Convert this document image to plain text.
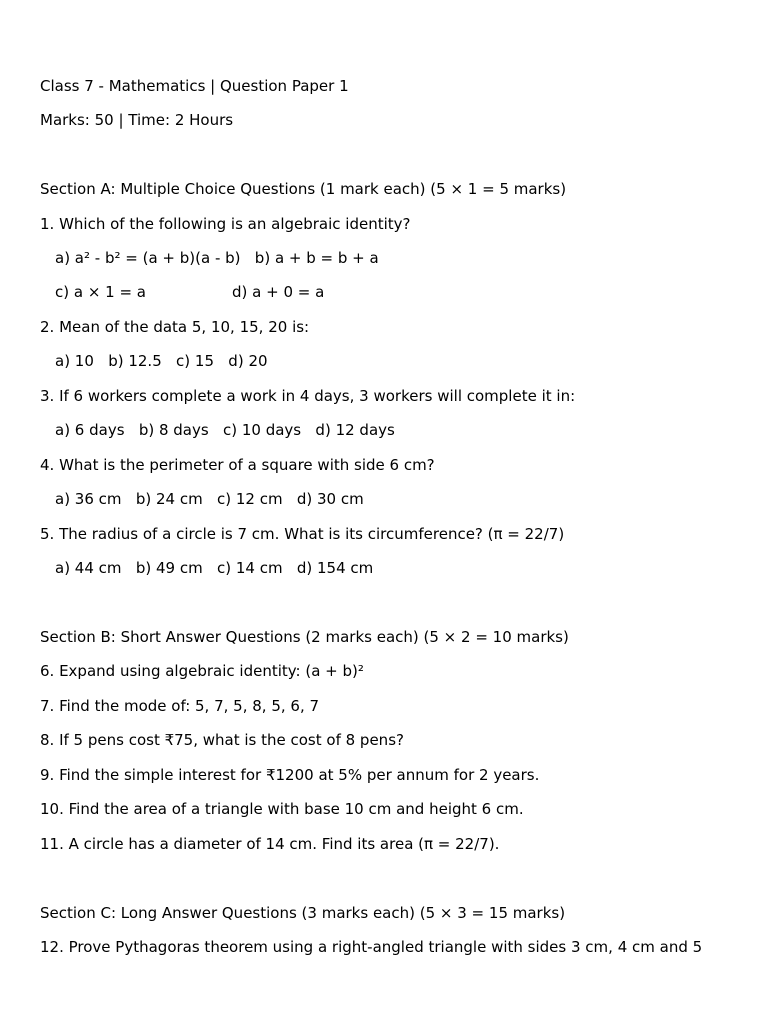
Class 7 - Mathematics | Question Paper 1
Marks: 50 | Time: 2 Hours
Section A: Multiple Choice Questions (1 mark each) (5 × 1 = 5 marks)
1. Which of the following is an algebraic identity?
a) a² - b² = (a + b)(a - b)   b) a + b = b + a
c) a × 1 = a	d) a + 0 = a
2. Mean of the data 5, 10, 15, 20 is:
a) 10   b) 12.5   c) 15   d) 20
3. If 6 workers complete a work in 4 days, 3 workers will complete it in:
a) 6 days   b) 8 days   c) 10 days   d) 12 days
4. What is the perimeter of a square with side 6 cm?
a) 36 cm   b) 24 cm   c) 12 cm   d) 30 cm
5. The radius of a circle is 7 cm. What is its circumference? (π = 22/7)
a) 44 cm   b) 49 cm   c) 14 cm   d) 154 cm
Section B: Short Answer Questions (2 marks each) (5 × 2 = 10 marks)
6. Expand using algebraic identity: (a + b)²
7. Find the mode of: 5, 7, 5, 8, 5, 6, 7
8. If 5 pens cost ₹75, what is the cost of 8 pens?
9. Find the simple interest for ₹1200 at 5% per annum for 2 years.
10. Find the area of a triangle with base 10 cm and height 6 cm.
11. A circle has a diameter of 14 cm. Find its area (π = 22/7).
Section C: Long Answer Questions (3 marks each) (5 × 3 = 15 marks)
12. Prove Pythagoras theorem using a right-angled triangle with sides 3 cm, 4 cm and 5
